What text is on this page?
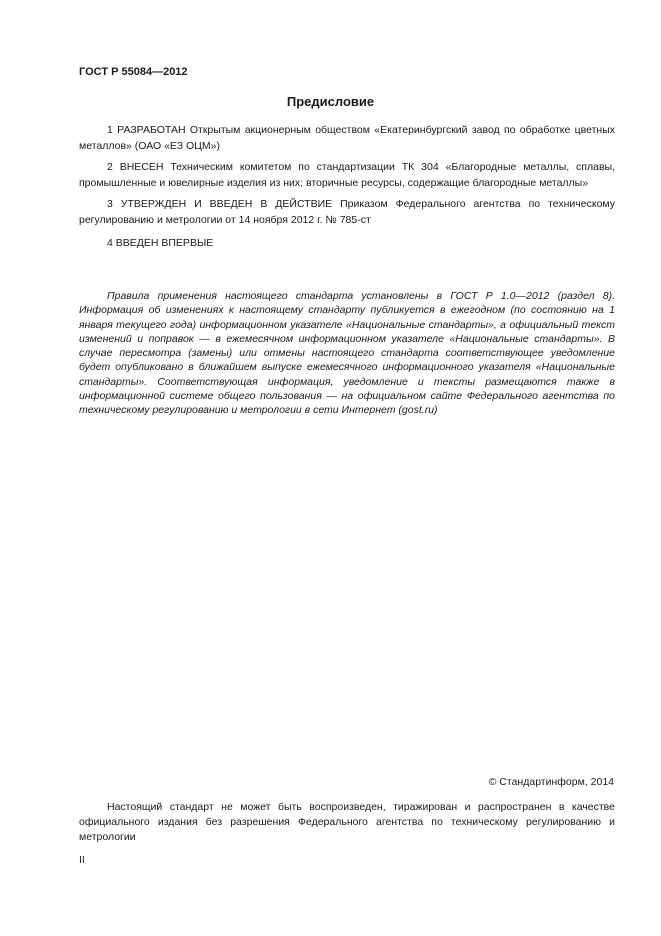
ГОСТ Р 55084—2012
Предисловие
1 РАЗРАБОТАН Открытым акционерным обществом «Екатеринбургский завод по обработке цветных металлов» (ОАО «ЕЗ ОЦМ»)
2 ВНЕСЕН Техническим комитетом по стандартизации ТК 304 «Благородные металлы, сплавы, промышленные и ювелирные изделия из них; вторичные ресурсы, содержащие благородные металлы»
3 УТВЕРЖДЕН И ВВЕДЕН В ДЕЙСТВИЕ Приказом Федерального агентства по техническому регулированию и метрологии от 14 ноября 2012 г. № 785-ст
4 ВВЕДЕН ВПЕРВЫЕ
Правила применения настоящего стандарта установлены в ГОСТ Р 1.0—2012 (раздел 8). Информация об изменениях к настоящему стандарту публикуется в ежегодном (по состоянию на 1 января текущего года) информационном указателе «Национальные стандарты», а официальный текст изменений и поправок — в ежемесячном информационном указателе «Национальные стандарты». В случае пересмотра (замены) или отмены настоящего стандарта соответствующее уведомление будет опубликовано в ближайшем выпуске ежемесячного информационного указателя «Национальные стандарты». Соответствующая информация, уведомление и тексты размещаются также в информационной системе общего пользования — на официальном сайте Федерального агентства по техническому регулированию и метрологии в сети Интернет (gost.ru)
© Стандартинформ, 2014
Настоящий стандарт не может быть воспроизведен, тиражирован и распространен в качестве официального издания без разрешения Федерального агентства по техническому регулированию и метрологии
II
